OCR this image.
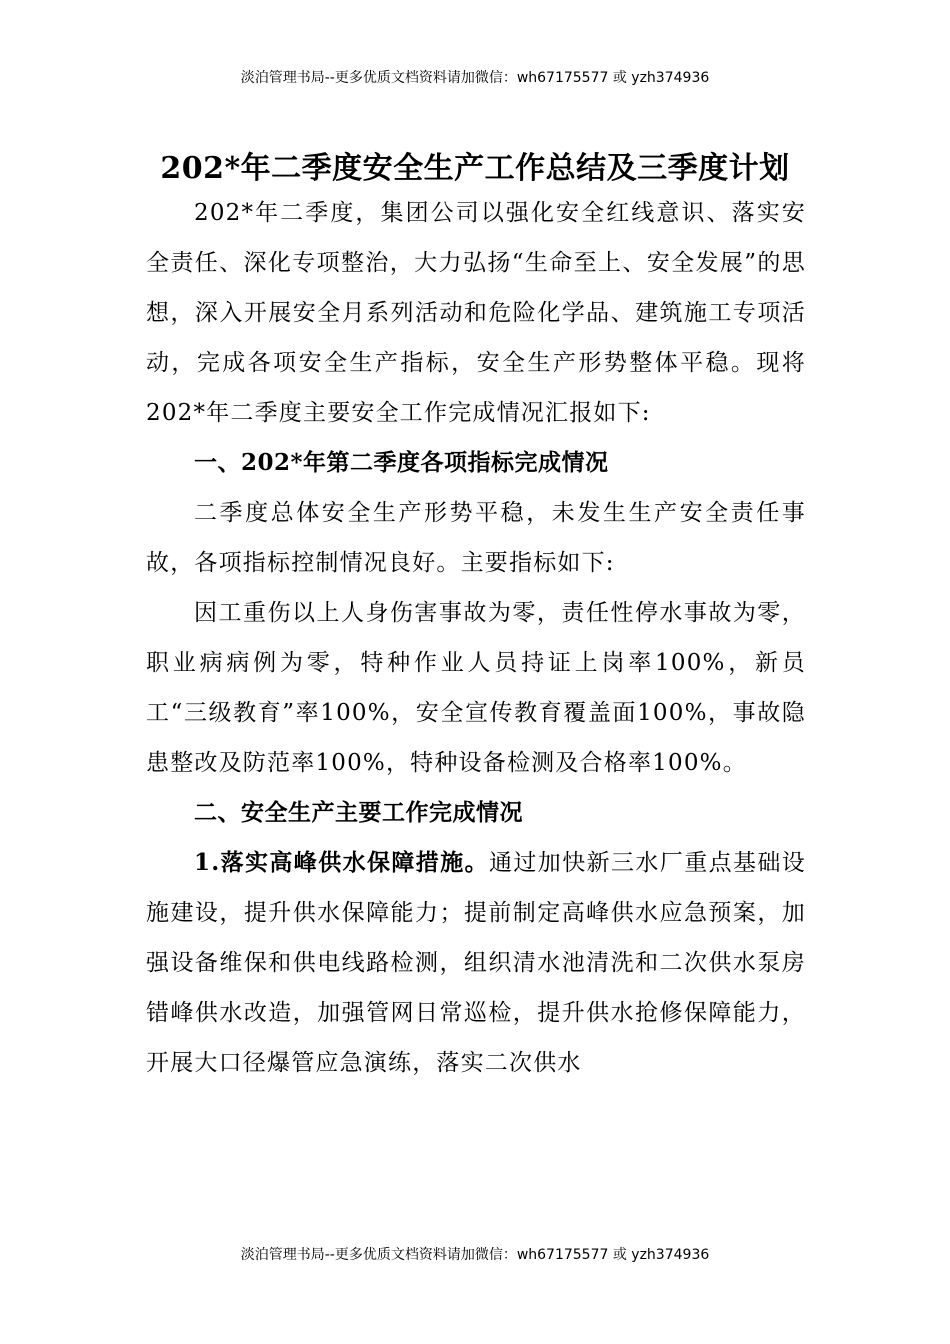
淡泊管理书局--更多优质文档资料请加微信：wh67175577 或 yzh374936
202*年二季度安全生产工作总结及三季度计划

202*年二季度，集团公司以强化安全红线意识、落实安全责任、深化专项整治，大力弘扬“生命至上、安全发展”的思想，深入开展安全月系列活动和危险化学品、建筑施工专项活动，完成各项安全生产指标，安全生产形势整体平稳。现将202*年二季度主要安全工作完成情况汇报如下:

一、202*年第二季度各项指标完成情况

二季度总体安全生产形势平稳，未发生生产安全责任事故，各项指标控制情况良好。主要指标如下:

因工重伤以上人身伤害事故为零，责任性停水事故为零，职业病病例为零，特种作业人员持证上岗率100%，新员工“三级教育”率100%，安全宣传教育覆盖面100%，事故隐患整改及防范率100%，特种设备检测及合格率100%。

二、安全生产主要工作完成情况

1.落实高峰供水保障措施。通过加快新三水厂重点基础设施建设，提升供水保障能力；提前制定高峰供水应急预案，加强设备维保和供电线路检测，组织清水池清洗和二次供水泵房错峰供水改造，加强管网日常巡检，提升供水抢修保障能力，开展大口径爆管应急演练，落实二次供水

淡泊管理书局--更多优质文档资料请加微信：wh67175577 或 yzh374936
